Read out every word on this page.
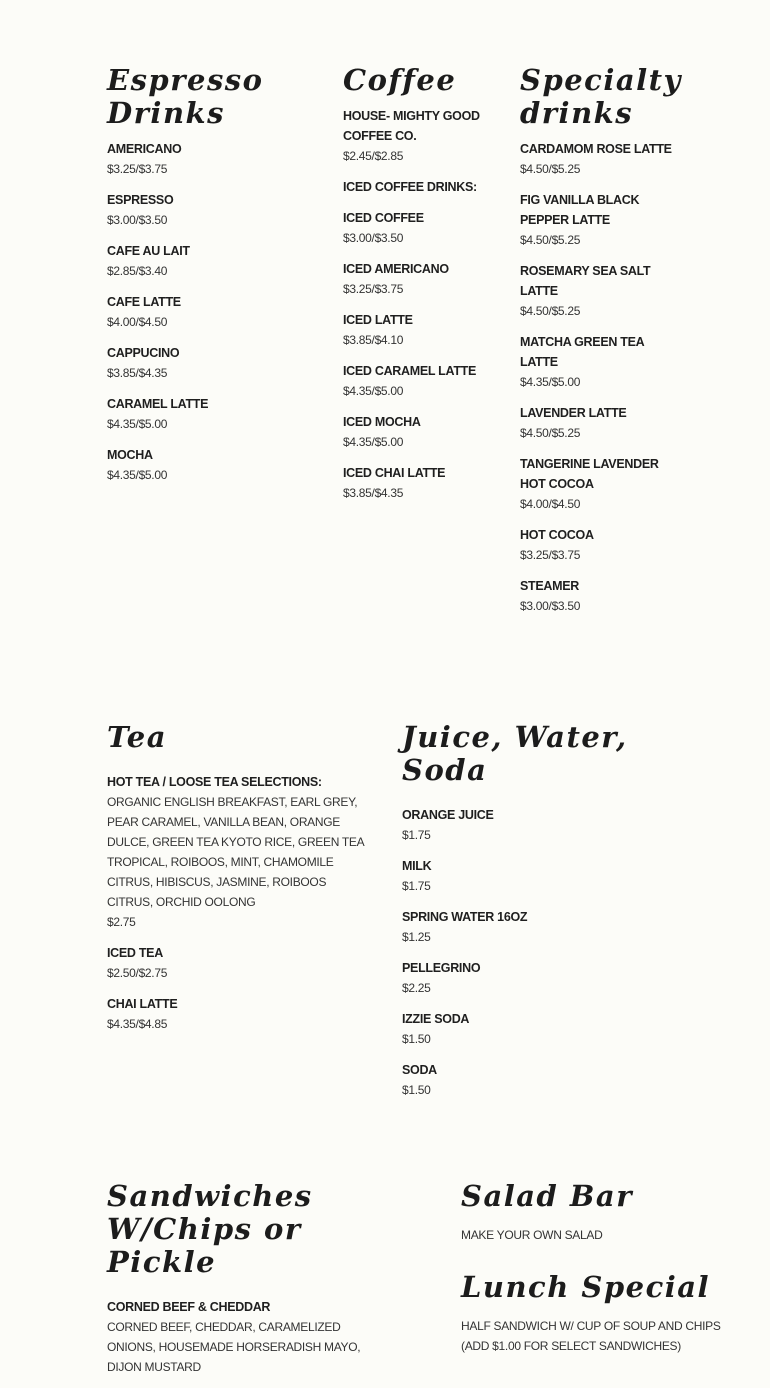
Espresso
Drinks
AMERICANO
$3.25/$3.75
ESPRESSO
$3.00/$3.50
CAFE AU LAIT
$2.85/$3.40
CAFE LATTE
$4.00/$4.50
CAPPUCINO
$3.85/$4.35
CARAMEL LATTE
$4.35/$5.00
MOCHA
$4.35/$5.00
Coffee
HOUSE- MIGHTY GOOD
COFFEE CO.
$2.45/$2.85
ICED COFFEE DRINKS:
ICED COFFEE
$3.00/$3.50
ICED AMERICANO
$3.25/$3.75
ICED LATTE
$3.85/$4.10
ICED CARAMEL LATTE
$4.35/$5.00
ICED MOCHA
$4.35/$5.00
ICED CHAI LATTE
$3.85/$4.35
Specialty
drinks
CARDAMOM ROSE LATTE
$4.50/$5.25
FIG VANILLA BLACK PEPPER LATTE
$4.50/$5.25
ROSEMARY SEA SALT LATTE
$4.50/$5.25
MATCHA GREEN TEA LATTE
$4.35/$5.00
LAVENDER LATTE
$4.50/$5.25
TANGERINE LAVENDER HOT COCOA
$4.00/$4.50
HOT COCOA
$3.25/$3.75
STEAMER
$3.00/$3.50
Tea
HOT TEA / LOOSE TEA SELECTIONS:
ORGANIC ENGLISH BREAKFAST, EARL GREY, PEAR CARAMEL, VANILLA BEAN, ORANGE DULCE, GREEN TEA KYOTO RICE, GREEN TEA TROPICAL, ROIBOOS, MINT, CHAMOMILE CITRUS, HIBISCUS, JASMINE, ROIBOOS CITRUS, ORCHID OOLONG
$2.75
ICED TEA
$2.50/$2.75
CHAI LATTE
$4.35/$4.85
Juice, Water, Soda
ORANGE JUICE
$1.75
MILK
$1.75
SPRING WATER 16OZ
$1.25
PELLEGRINO
$2.25
IZZIE SODA
$1.50
SODA
$1.50
Sandwiches
W/Chips or
Pickle
CORNED BEEF & CHEDDAR
CORNED BEEF, CHEDDAR, CARAMELIZED ONIONS, HOUSEMADE HORSERADISH MAYO, DIJON MUSTARD
Salad Bar
MAKE YOUR OWN SALAD
Lunch Special
HALF SANDWICH W/ CUP OF SOUP AND CHIPS (ADD $1.00 FOR SELECT SANDWICHES)
